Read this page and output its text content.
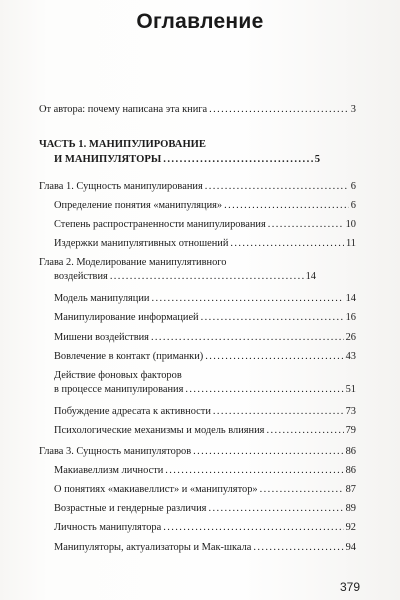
Оглавление
От автора: почему написана эта книга . . .	3
ЧАСТЬ 1. МАНИПУЛИРОВАНИЕ
И МАНИПУЛЯТОРЫ . . .	5
Глава 1. Сущность манипулирования . . .	6
Определение понятия «манипуляция» . . .	6
Степень распространенности манипулирования . . .	10
Издержки манипулятивных отношений . . .	11
Глава 2. Моделирование манипулятивного
воздействия . . .	14
Модель манипуляции . . .	14
Манипулирование информацией . . .	16
Мишени воздействия . . .	26
Вовлечение в контакт (приманки) . . .	43
Действие фоновых факторов
в процессе манипулирования . . .	51
Побуждение адресата к активности . . .	73
Психологические механизмы и модель влияния . . .	79
Глава 3. Сущность манипуляторов . . .	86
Макиавеллизм личности . . .	86
О понятиях «макиавеллист» и «манипулятор» . . .	87
Возрастные и гендерные различия . . .	89
Личность манипулятора . . .	92
Манипуляторы, актуализаторы и Мак-шкала . . .	94
379
